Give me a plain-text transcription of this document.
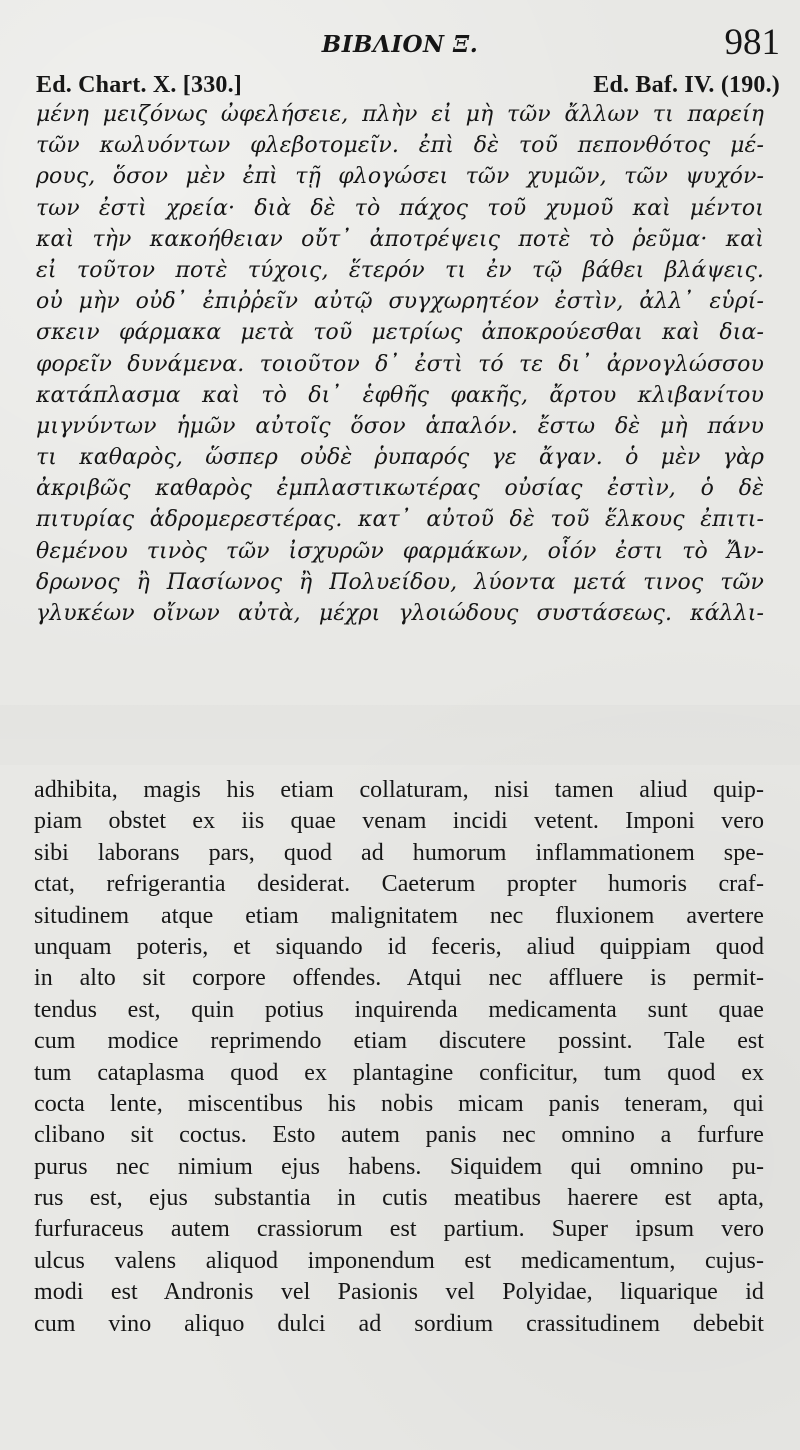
ΒΙΒΛΙΟΝ Ξ.	981
Ed. Chart. X. [330.]	Ed. Baf. IV. (190.)
μένη μειζόνως ὠφελήσειε, πλὴν εἰ μὴ τῶν ἄλλων τι παρείη
τῶν κωλυόντων φλεβοτομεῖν. ἐπὶ δὲ τοῦ πεπονθότος μέ-
ρους, ὅσον μὲν ἐπὶ τῇ φλογώσει τῶν χυμῶν, τῶν ψυχόν-
των ἐστὶ χρεία· διὰ δὲ τὸ πάχος τοῦ χυμοῦ καὶ μέντοι
καὶ τὴν κακοήθειαν οὔτ᾽ ἀποτρέψεις ποτὲ τὸ ῥεῦμα· καὶ
εἰ τοῦτον ποτὲ τύχοις, ἕτερόν τι ἐν τῷ βάθει βλάψεις.
οὐ μὴν οὐδ᾽ ἐπιῤῥεῖν αὐτῷ συγχωρητέον ἐστὶν, ἀλλ᾽ εὑρί-
σκειν φάρμακα μετὰ τοῦ μετρίως ἀποκρούεσθαι καὶ δια-
φορεῖν δυνάμενα. τοιοῦτον δ᾽ ἐστὶ τό τε δι᾽ ἀρνογλώσσου
κατάπλασμα καὶ τὸ δι᾽ ἑφθῆς φακῆς, ἄρτου κλιβανίτου
μιγνύντων ἡμῶν αὐτοῖς ὅσον ἁπαλόν. ἔστω δὲ μὴ πάνυ
τι καθαρὸς, ὥσπερ οὐδὲ ῥυπαρός γε ἄγαν. ὁ μὲν γὰρ
ἀκριβῶς καθαρὸς ἐμπλαστικωτέρας οὐσίας ἐστὶν, ὁ δὲ
πιτυρίας ἁδρομερεστέρας. κατ᾽ αὐτοῦ δὲ τοῦ ἕλκους ἐπιτι-
θεμένου τινὸς τῶν ἰσχυρῶν φαρμάκων, οἷόν ἐστι τὸ Ἄν-
δρωνος ἢ Πασίωνος ἢ Πολυείδου, λύοντα μετά τινος τῶν
γλυκέων οἴνων αὐτὰ, μέχρι γλοιώδους συστάσεως. κάλλι-
adhibita, magis his etiam collaturam, nisi tamen aliud quip-
piam obstet ex iis quae venam incidi vetent. Imponi vero
sibi laborans pars, quod ad humorum inflammationem spe-
ctat, refrigerantia desiderat. Caeterum propter humoris craf-
situdinem atque etiam malignitatem nec fluxionem avertere
unquam poteris, et siquando id feceris, aliud quippiam quod
in alto sit corpore offendes. Atqui nec affluere is permit-
tendus est, quin potius inquirenda medicamenta sunt quae
cum modice reprimendo etiam discutere possint. Tale est
tum cataplasma quod ex plantagine conficitur, tum quod ex
cocta lente, miscentibus his nobis micam panis teneram, qui
clibano sit coctus. Esto autem panis nec omnino a furfure
purus nec nimium ejus habens. Siquidem qui omnino pu-
rus est, ejus substantia in cutis meatibus haerere est apta,
furfuraceus autem crassiorum est partium. Super ipsum vero
ulcus valens aliquod imponendum est medicamentum, cujus-
modi est Andronis vel Pasionis vel Polyidae, liquarique id
cum vino aliquo dulci ad sordium crassitudinem debebit
